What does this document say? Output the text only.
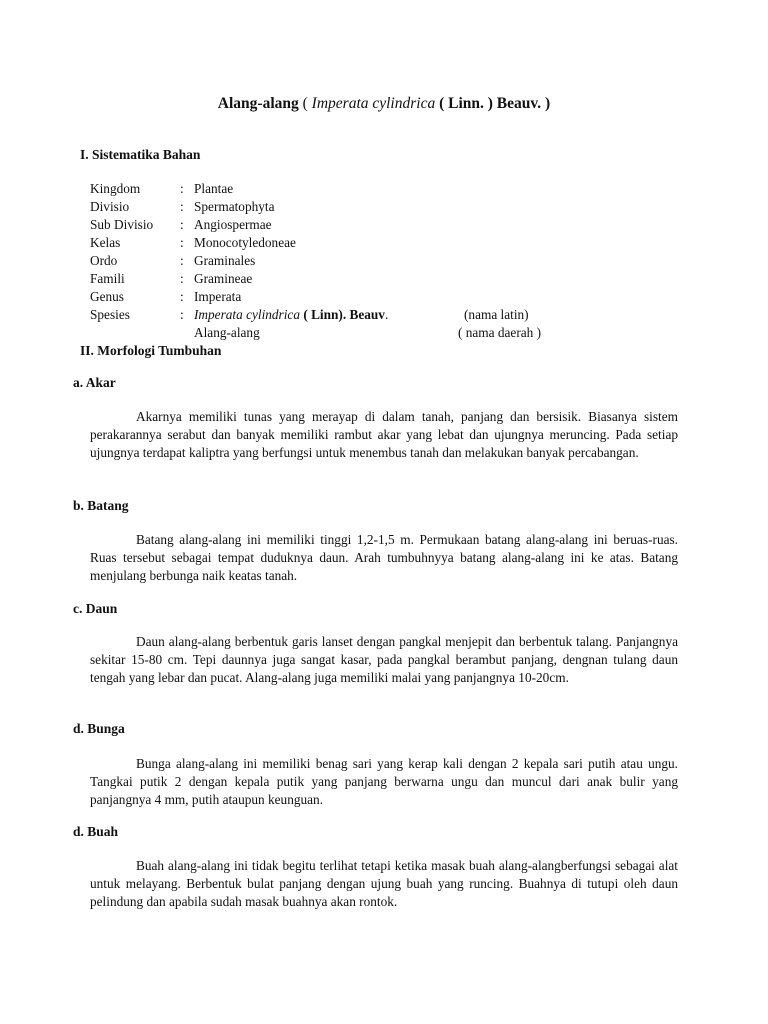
Alang-alang ( Imperata cylindrica ( Linn. ) Beauv. )
I. Sistematika Bahan
Kingdom	: Plantae
Divisio	: Spermatophyta
Sub Divisio	: Angiospermae
Kelas	: Monocotyledoneae
Ordo	: Graminales
Famili	: Gramineae
Genus	: Imperata
Spesies	: Imperata cylindrica ( Linn). Beauv.	(nama latin)
Alang-alang	( nama daerah )
II. Morfologi Tumbuhan
a. Akar
Akarnya memiliki tunas yang merayap di dalam tanah, panjang dan bersisik. Biasanya sistem perakarannya serabut dan banyak memiliki rambut akar yang lebat dan ujungnya meruncing. Pada setiap ujungnya terdapat kaliptra yang berfungsi untuk menembus tanah dan melakukan banyak percabangan.
b. Batang
Batang alang-alang ini memiliki tinggi 1,2-1,5 m. Permukaan batang alang-alang ini beruas-ruas. Ruas tersebut sebagai tempat duduknya daun. Arah tumbuhnyya batang alang-alang ini ke atas. Batang menjulang berbunga naik keatas tanah.
c. Daun
Daun alang-alang berbentuk garis lanset dengan pangkal menjepit dan berbentuk talang. Panjangnya sekitar 15-80 cm. Tepi daunnya juga sangat kasar, pada pangkal berambut panjang, dengnan tulang daun tengah yang lebar dan pucat. Alang-alang juga memiliki malai yang panjangnya 10-20cm.
d. Bunga
Bunga alang-alang ini memiliki benag sari yang kerap kali dengan 2 kepala sari putih atau ungu. Tangkai putik 2 dengan kepala putik yang panjang berwarna ungu dan muncul dari anak bulir yang panjangnya 4 mm, putih ataupun keunguan.
d. Buah
Buah alang-alang ini tidak begitu terlihat tetapi ketika masak buah alang-alangberfungsi sebagai alat untuk melayang. Berbentuk bulat panjang dengan ujung buah yang runcing. Buahnya di tutupi oleh daun pelindung dan apabila sudah masak buahnya akan rontok.
